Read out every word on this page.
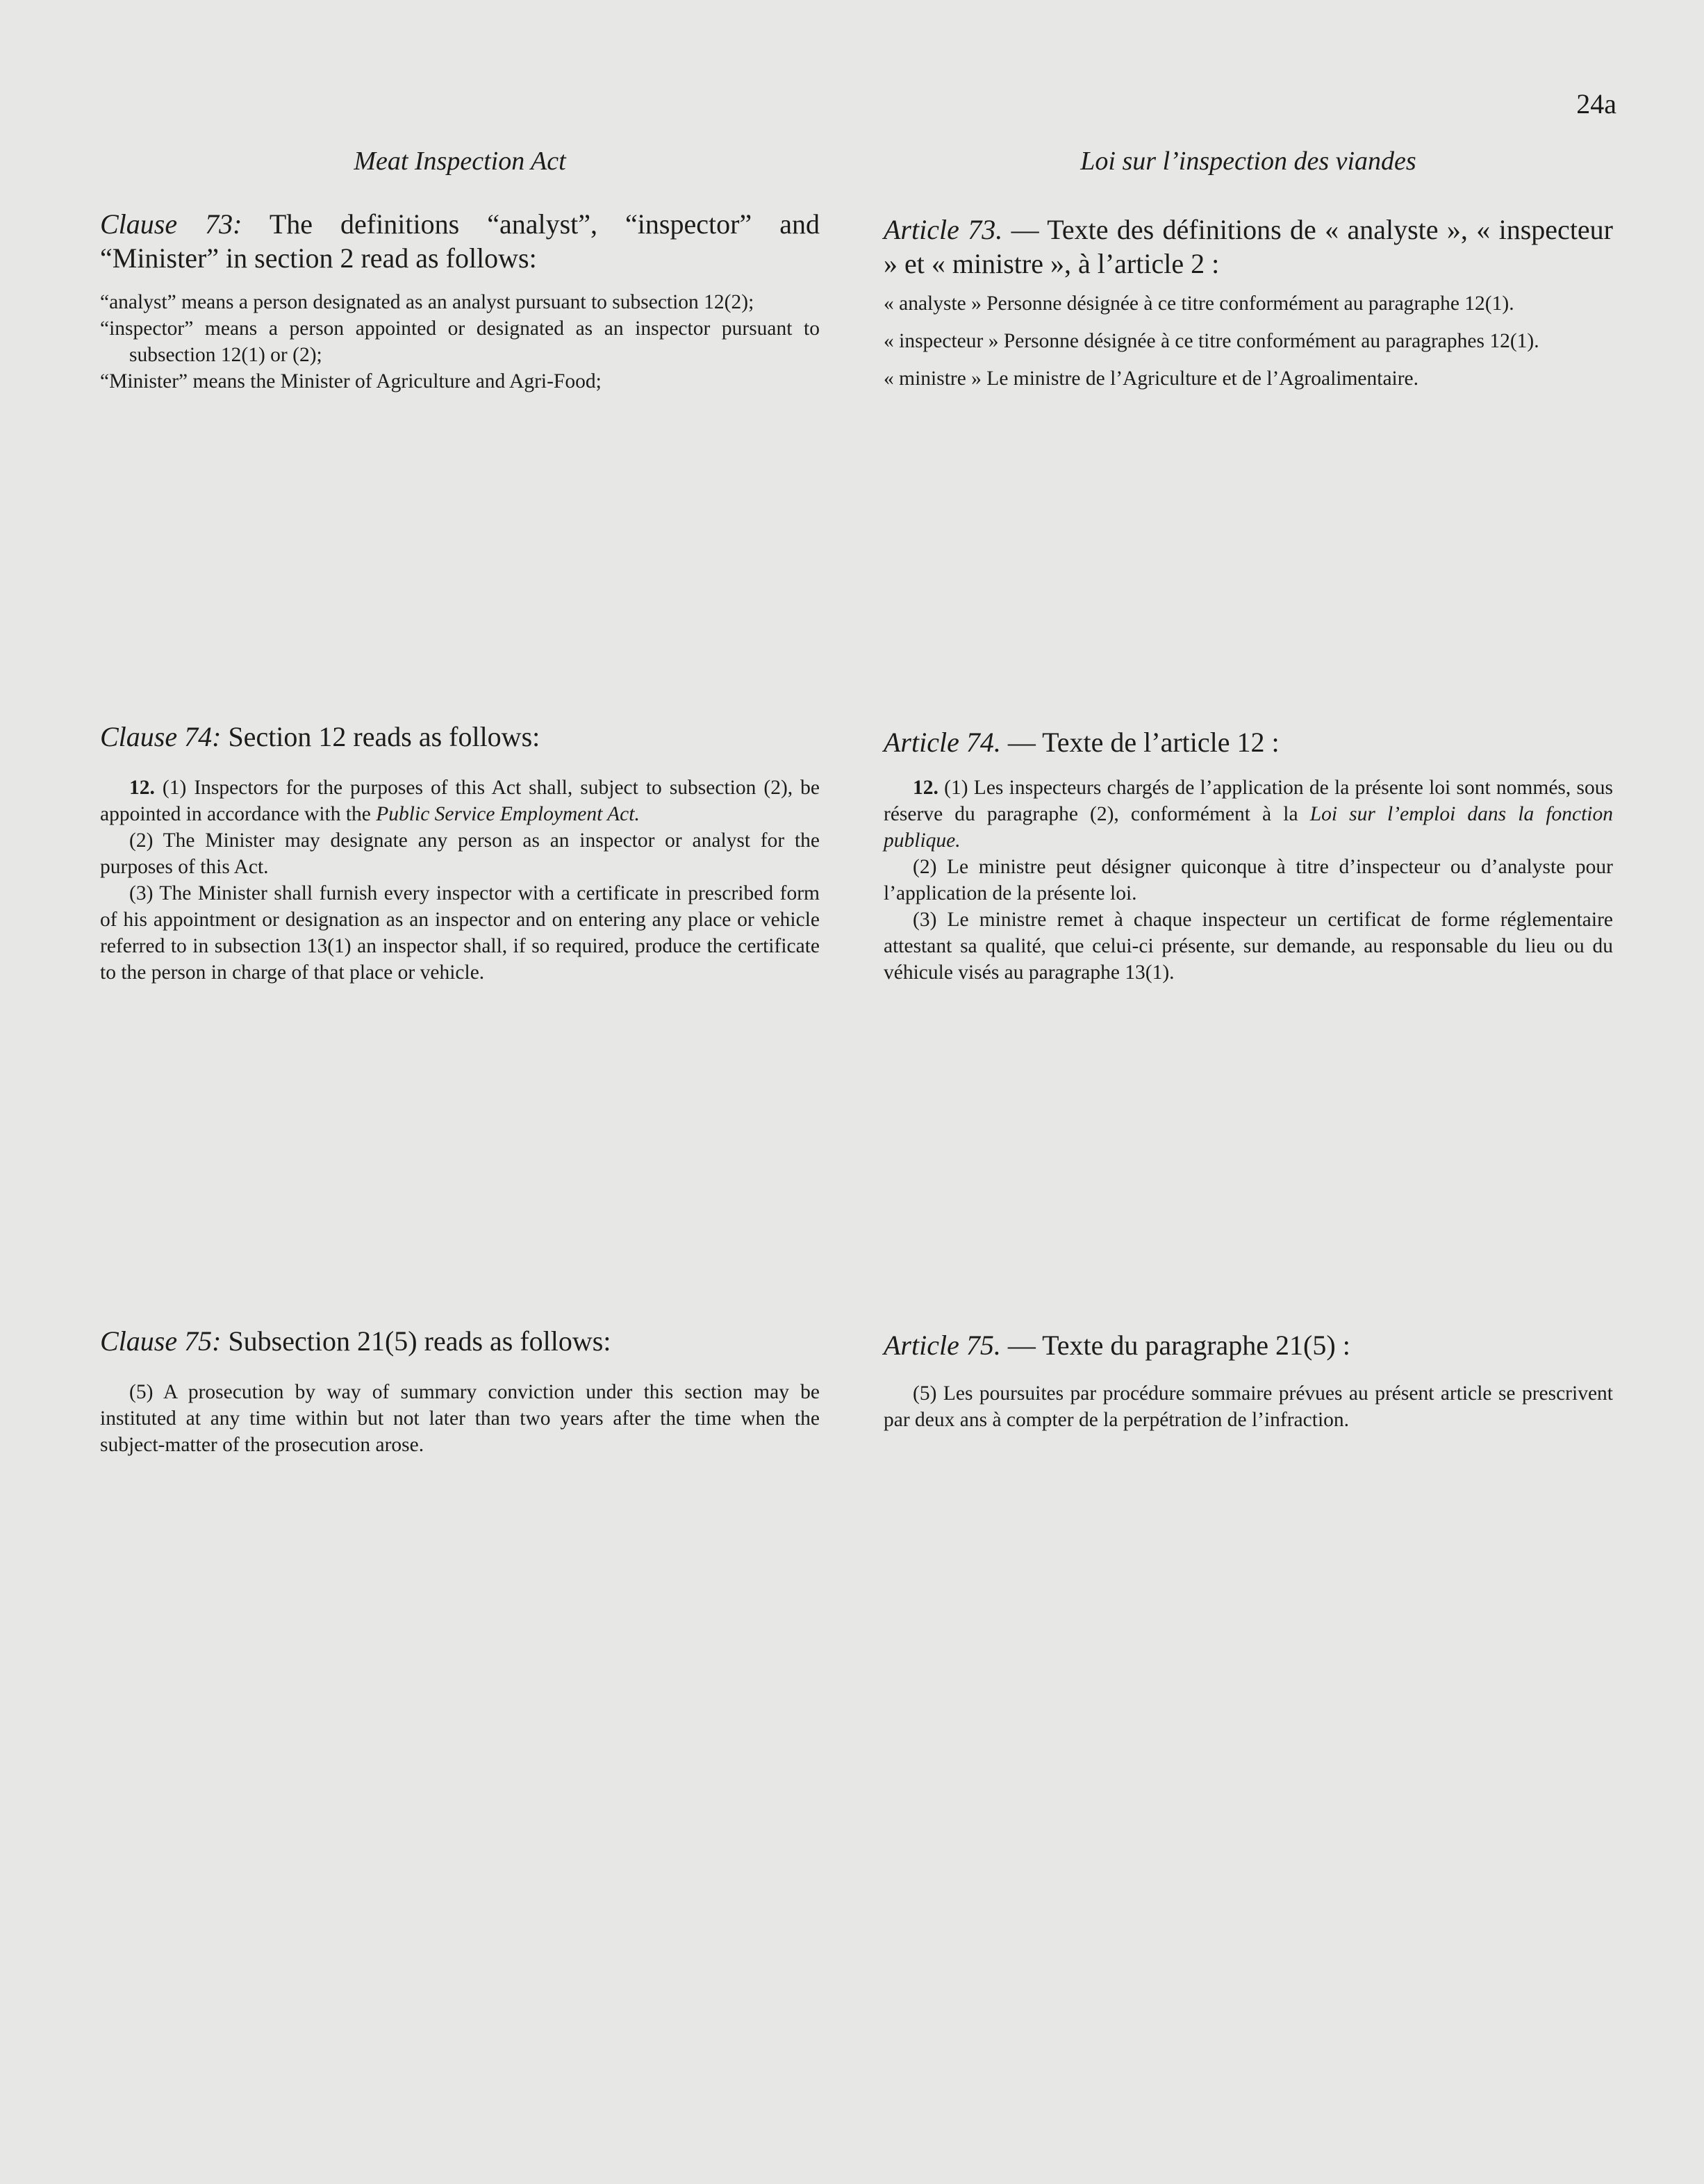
24a
Meat Inspection Act
Clause 73: The definitions “analyst”, “inspector” and “Minister” in section 2 read as follows:

“analyst” means a person designated as an analyst pursuant to subsection 12(2);

“inspector” means a person appointed or designated as an inspector pursuant to subsection 12(1) or (2);

“Minister” means the Minister of Agriculture and Agri-Food;

Clause 74: Section 12 reads as follows:

12. (1) Inspectors for the purposes of this Act shall, subject to subsection (2), be appointed in accordance with the Public Service Employment Act.

(2) The Minister may designate any person as an inspector or analyst for the purposes of this Act.

(3) The Minister shall furnish every inspector with a certificate in prescribed form of his appointment or designation as an inspector and on entering any place or vehicle referred to in subsection 13(1) an inspector shall, if so required, produce the certificate to the person in charge of that place or vehicle.

Clause 75: Subsection 21(5) reads as follows:

(5) A prosecution by way of summary conviction under this section may be instituted at any time within but not later than two years after the time when the subject-matter of the prosecution arose.

Loi sur l’inspection des viandes
Article 73. — Texte des définitions de « analyste », « inspecteur » et « ministre », à l’article 2 :

« analyste » Personne désignée à ce titre conformément au paragraphe 12(1).

« inspecteur » Personne désignée à ce titre conformément au paragraphes 12(1).

« ministre » Le ministre de l’Agriculture et de l’Agroalimentaire.

Article 74. — Texte de l’article 12 :

12. (1) Les inspecteurs chargés de l’application de la présente loi sont nommés, sous réserve du paragraphe (2), conformément à la Loi sur l’emploi dans la fonction publique.

(2) Le ministre peut désigner quiconque à titre d’inspecteur ou d’analyste pour l’application de la présente loi.

(3) Le ministre remet à chaque inspecteur un certificat de forme réglementaire attestant sa qualité, que celui-ci présente, sur demande, au responsable du lieu ou du véhicule visés au paragraphe 13(1).

Article 75. — Texte du paragraphe 21(5) :

(5) Les poursuites par procédure sommaire prévues au présent article se prescrivent par deux ans à compter de la perpétration de l’infraction.
